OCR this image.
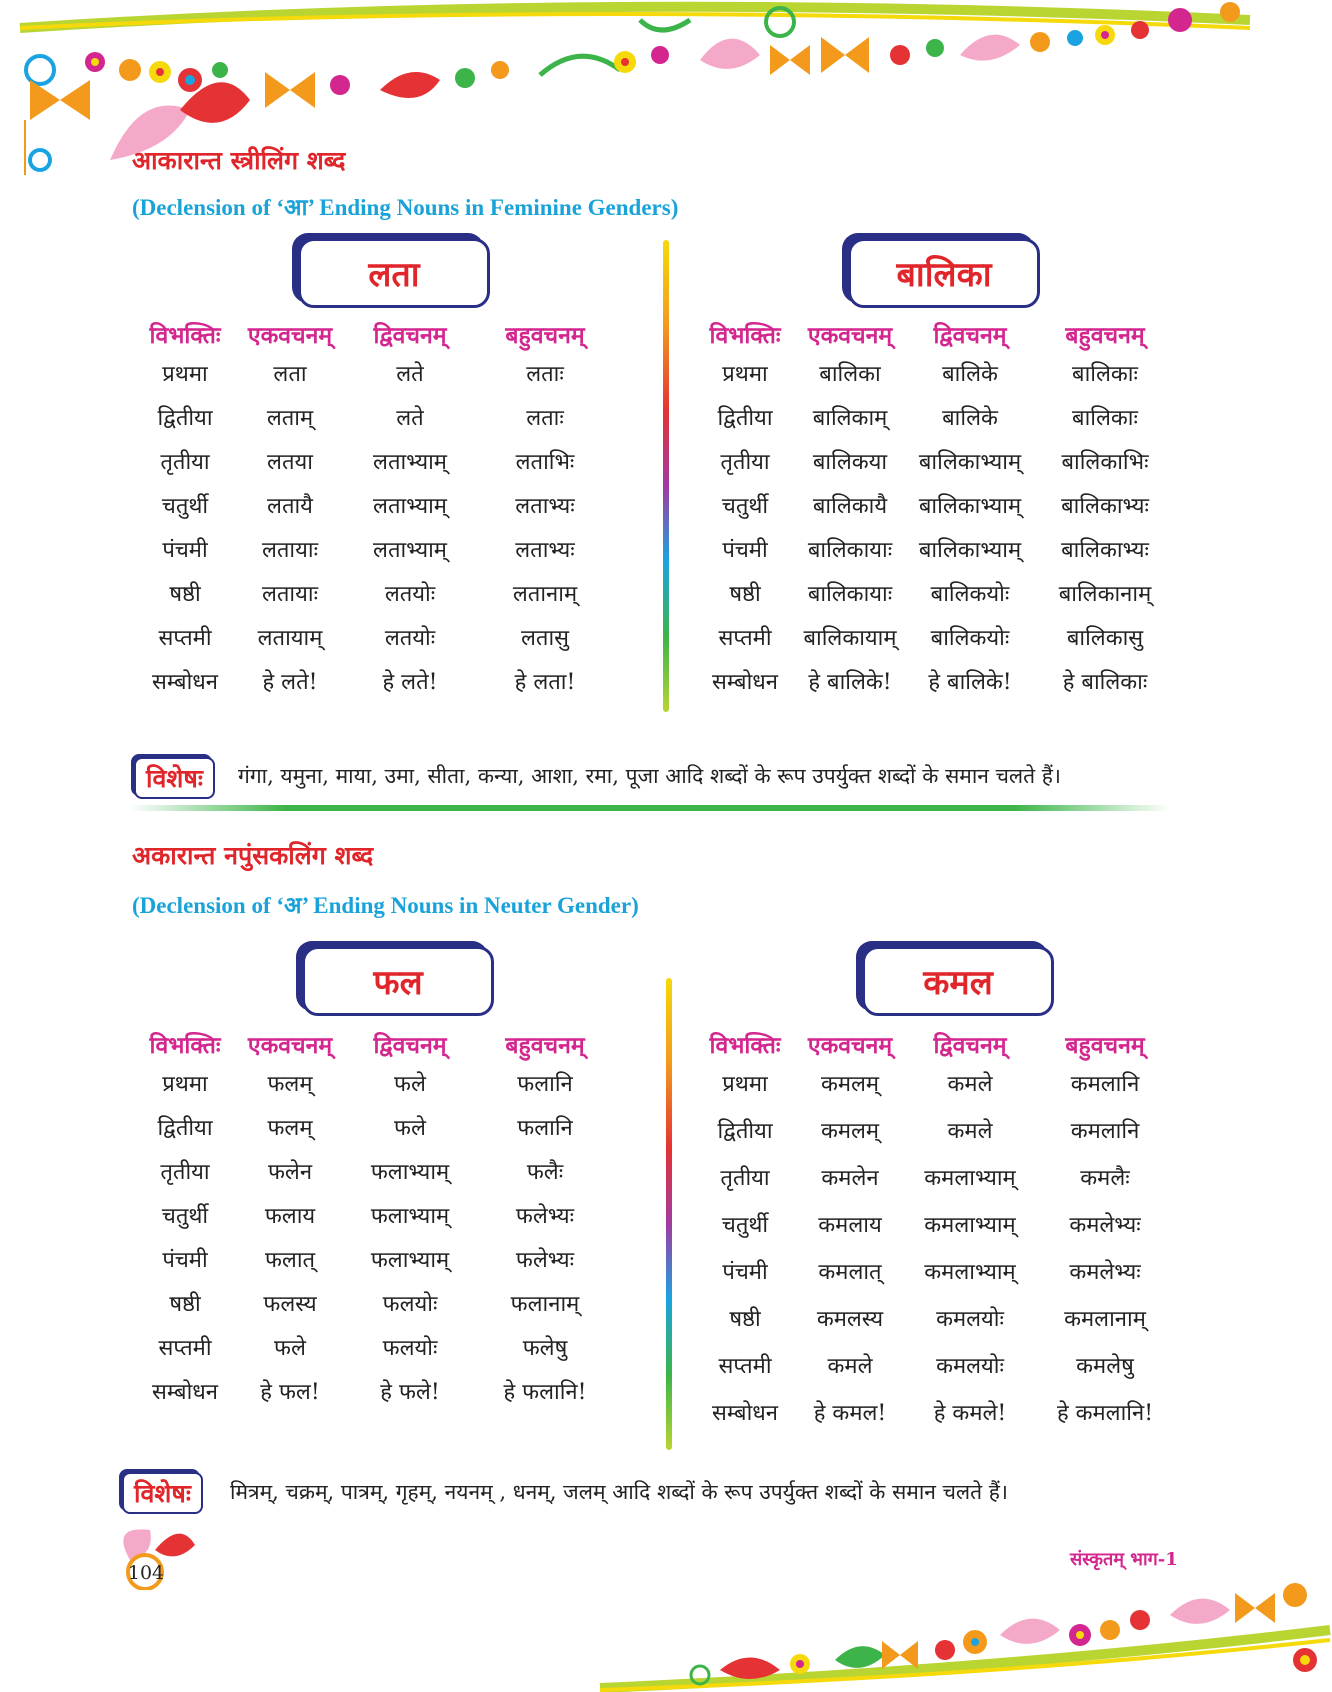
आकारान्त स्त्रीलिंग शब्द
(Declension of ‘आ’ Ending Nouns in Feminine Genders)
लता	बालिका
विभक्तिः	एकवचनम्	द्विवचनम्	बहुवचनम्
प्रथमा	लता	लते	लताः
द्वितीया	लताम्	लते	लताः
तृतीया	लतया	लताभ्याम्	लताभिः
चतुर्थी	लतायै	लताभ्याम्	लताभ्यः
पंचमी	लतायाः	लताभ्याम्	लताभ्यः
षष्ठी	लतायाः	लतयोः	लतानाम्
सप्तमी	लतायाम्	लतयोः	लतासु
सम्बोधन	हे लते!	हे लते!	हे लता!
विभक्तिः	एकवचनम्	द्विवचनम्	बहुवचनम्
प्रथमा	बालिका	बालिके	बालिकाः
द्वितीया	बालिकाम्	बालिके	बालिकाः
तृतीया	बालिकया	बालिकाभ्याम्	बालिकाभिः
चतुर्थी	बालिकायै	बालिकाभ्याम्	बालिकाभ्यः
पंचमी	बालिकायाः	बालिकाभ्याम्	बालिकाभ्यः
षष्ठी	बालिकायाः	बालिकयोः	बालिकानाम्
सप्तमी	बालिकायाम्	बालिकयोः	बालिकासु
सम्बोधन	हे बालिके!	हे बालिके!	हे बालिकाः
विशेषः	गंगा, यमुना, माया, उमा, सीता, कन्या, आशा, रमा, पूजा आदि शब्दों के रूप उपर्युक्त शब्दों के समान चलते हैं।
अकारान्त नपुंसकलिंग शब्द
(Declension of ‘अ’ Ending Nouns in Neuter Gender)
फल	कमल
विभक्तिः	एकवचनम्	द्विवचनम्	बहुवचनम्
प्रथमा	फलम्	फले	फलानि
द्वितीया	फलम्	फले	फलानि
तृतीया	फलेन	फलाभ्याम्	फलैः
चतुर्थी	फलाय	फलाभ्याम्	फलेभ्यः
पंचमी	फलात्	फलाभ्याम्	फलेभ्यः
षष्ठी	फलस्य	फलयोः	फलानाम्
सप्तमी	फले	फलयोः	फलेषु
सम्बोधन	हे फल!	हे फले!	हे फलानि!
विभक्तिः	एकवचनम्	द्विवचनम्	बहुवचनम्
प्रथमा	कमलम्	कमले	कमलानि
द्वितीया	कमलम्	कमले	कमलानि
तृतीया	कमलेन	कमलाभ्याम्	कमलैः
चतुर्थी	कमलाय	कमलाभ्याम्	कमलेभ्यः
पंचमी	कमलात्	कमलाभ्याम्	कमलेभ्यः
षष्ठी	कमलस्य	कमलयोः	कमलानाम्
सप्तमी	कमले	कमलयोः	कमलेषु
सम्बोधन	हे कमल!	हे कमले!	हे कमलानि!
विशेषः	मित्रम्, चक्रम्, पात्रम्, गृहम्, नयनम् , धनम्, जलम् आदि शब्दों के रूप उपर्युक्त शब्दों के समान चलते हैं।
104
संस्कृतम् भाग-1
